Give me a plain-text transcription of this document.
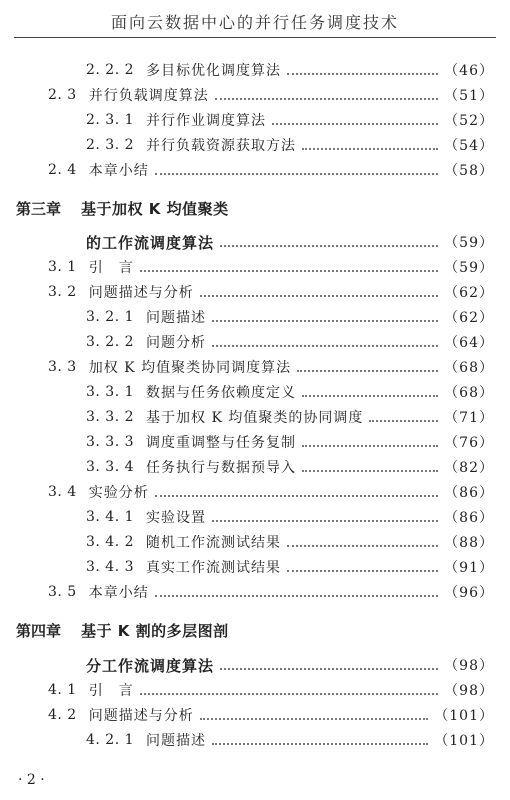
面向云数据中心的并行任务调度技术
2. 2. 2 多目标优化调度算法	（46）
2. 3 并行负载调度算法	（51）
2. 3. 1 并行作业调度算法	（52）
2. 3. 2 并行负载资源获取方法	（54）
2. 4 本章小结	（58）
第三章 基于加权 K 均值聚类
的工作流调度算法	（59）
3. 1 引　言	（59）
3. 2 问题描述与分析	（62）
3. 2. 1 问题描述	（62）
3. 2. 2 问题分析	（64）
3. 3 加权 K 均值聚类协同调度算法	（68）
3. 3. 1 数据与任务依赖度定义	（68）
3. 3. 2 基于加权 K 均值聚类的协同调度	（71）
3. 3. 3 调度重调整与任务复制	（76）
3. 3. 4 任务执行与数据预导入	（82）
3. 4 实验分析	（86）
3. 4. 1 实验设置	（86）
3. 4. 2 随机工作流测试结果	（88）
3. 4. 3 真实工作流测试结果	（91）
3. 5 本章小结	（96）
第四章 基于 K 割的多层图剖
分工作流调度算法	（98）
4. 1 引　言	（98）
4. 2 问题描述与分析	（101）
4. 2. 1 问题描述	（101）
· 2 ·
